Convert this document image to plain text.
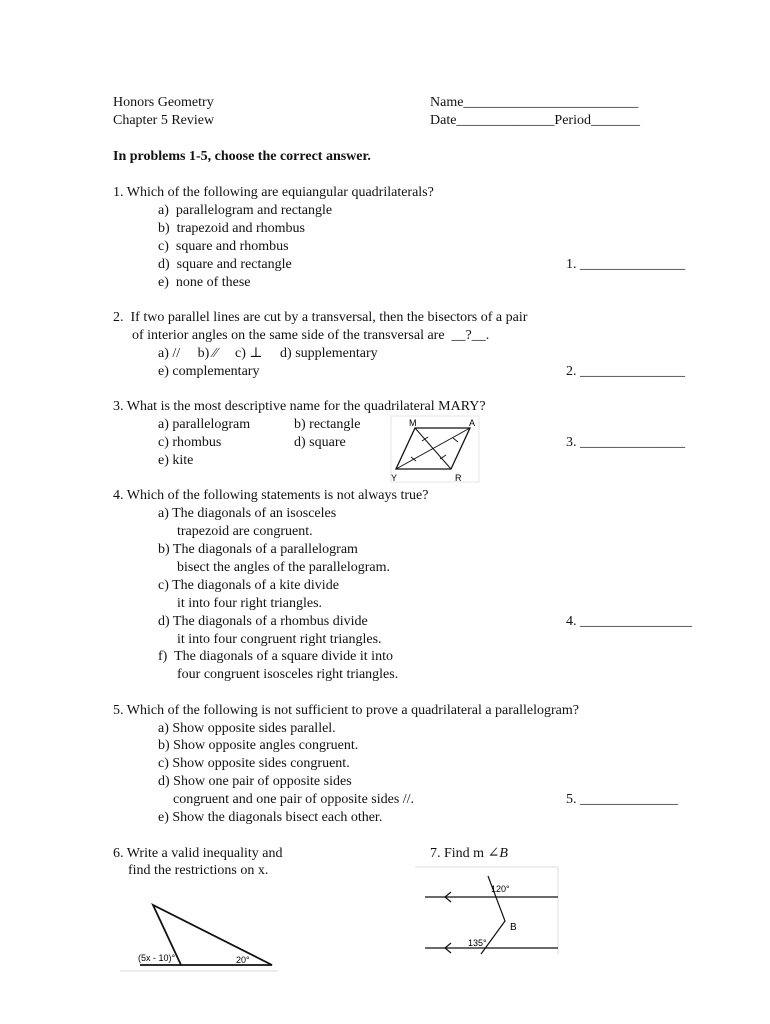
Honors Geometry
Chapter 5 Review
Name_________________________
Date______________Period_______
In problems 1-5, choose the correct answer.
1. Which of the following are equiangular quadrilaterals?
a)  parallelogram and rectangle
b)  trapezoid and rhombus
c)  square and rhombus
d)  square and rectangle
e)  none of these
1. _______________
2.  If two parallel lines are cut by a transversal, then the bisectors of a pair
of interior angles on the same side of the transversal are  __?__.
a) //     b) ∕∕     c) ⊥     d) supplementary
e) complementary	2. _______________
3. What is the most descriptive name for the quadrilateral MARY?
a) parallelogram	b) rectangle
c) rhombus	d) square
e) kite
3. _______________
M	A
Y	R
4. Which of the following statements is not always true?
a) The diagonals of an isosceles
trapezoid are congruent.
b) The diagonals of a parallelogram
bisect the angles of the parallelogram.
c) The diagonals of a kite divide
it into four right triangles.
d) The diagonals of a rhombus divide
it into four congruent right triangles.
f)  The diagonals of a square divide it into
four congruent isosceles right triangles.
4. ________________
5. Which of the following is not sufficient to prove a quadrilateral a parallelogram?
a) Show opposite sides parallel.
b) Show opposite angles congruent.
c) Show opposite sides congruent.
d) Show one pair of opposite sides
congruent and one pair of opposite sides //.
e) Show the diagonals bisect each other.
5. ______________
6. Write a valid inequality and
find the restrictions on x.
(5x - 10)°	20°
7. Find m ∠B
120°
B
135°
